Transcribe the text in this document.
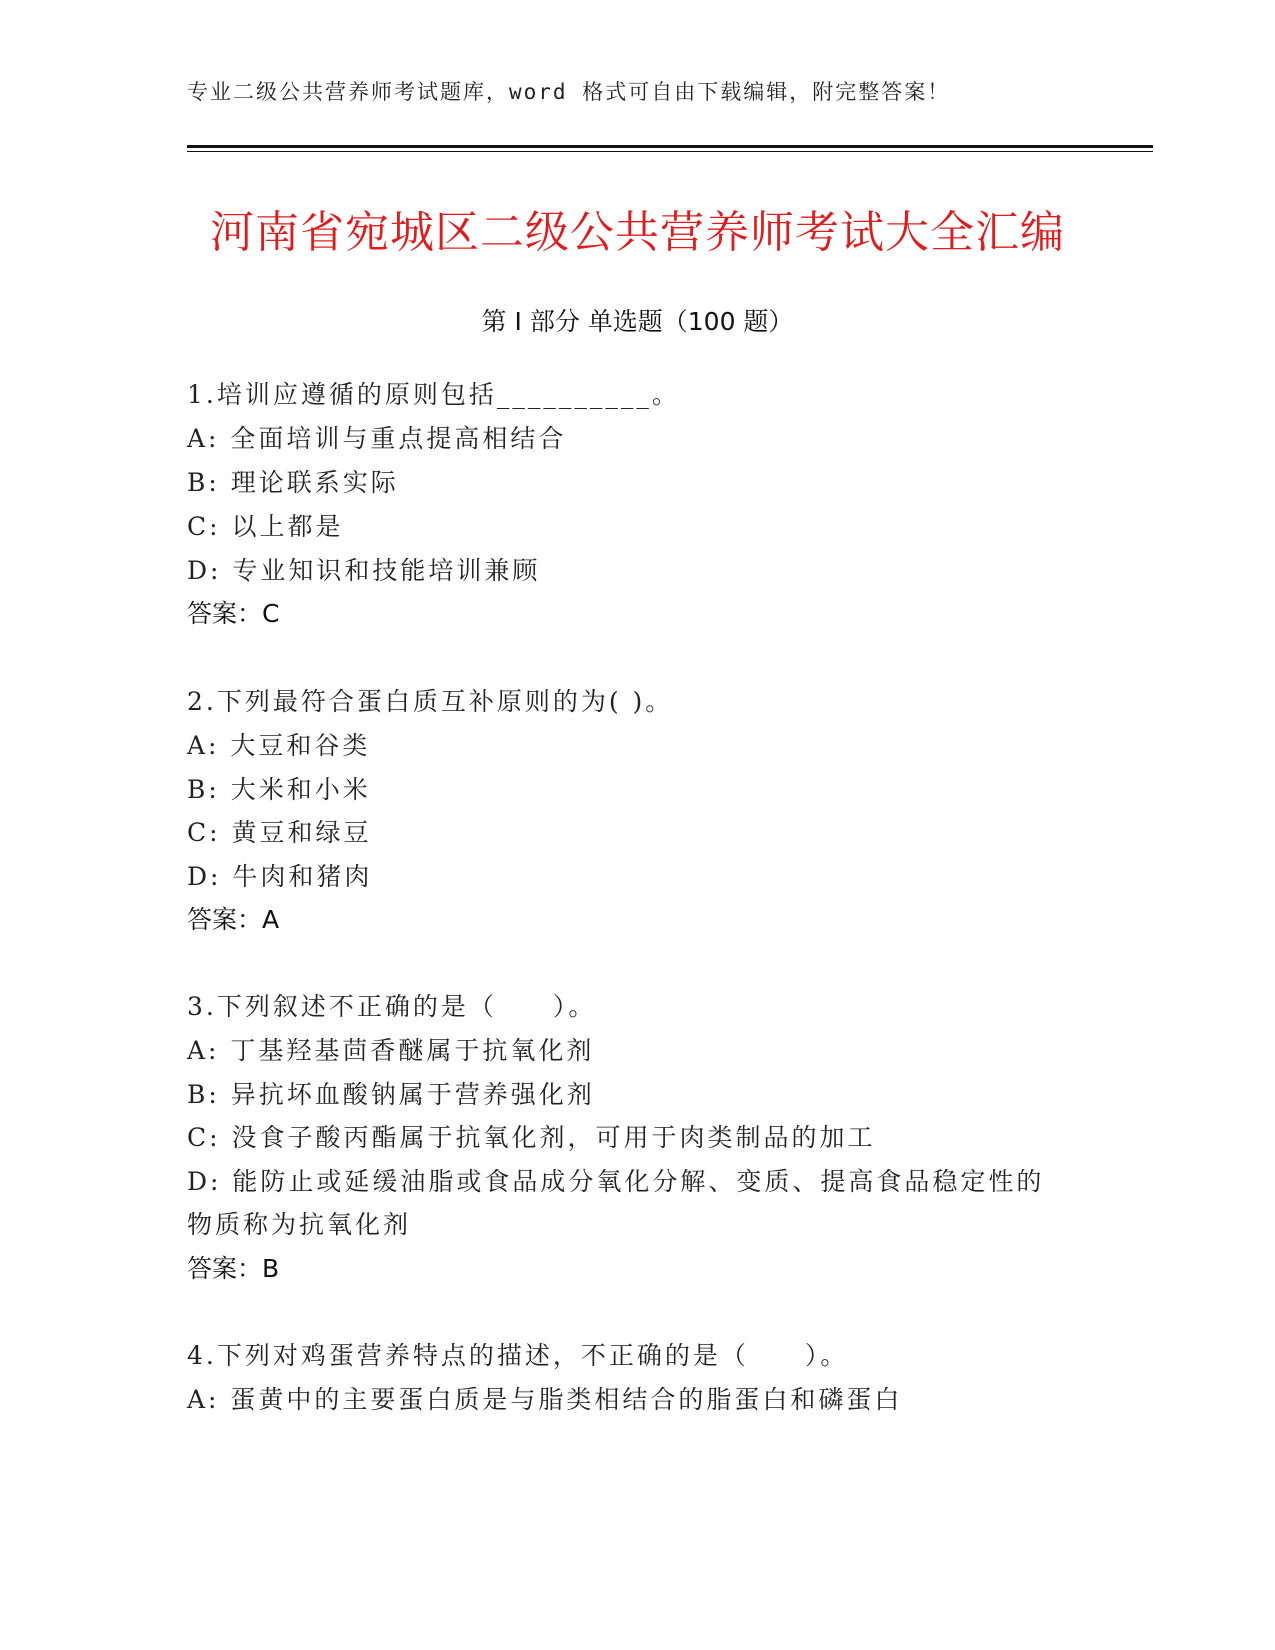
专业二级公共营养师考试题库，word 格式可自由下载编辑，附完整答案！
河南省宛城区二级公共营养师考试大全汇编
第 I 部分 单选题（100 题）
1.培训应遵循的原则包括__________。
A: 全面培训与重点提高相结合
B: 理论联系实际
C: 以上都是
D: 专业知识和技能培训兼顾
答案：C
2.下列最符合蛋白质互补原则的为( )。
A: 大豆和谷类
B: 大米和小米
C: 黄豆和绿豆
D: 牛肉和猪肉
答案：A
3.下列叙述不正确的是（　　）。
A: 丁基羟基茴香醚属于抗氧化剂
B: 异抗坏血酸钠属于营养强化剂
C: 没食子酸丙酯属于抗氧化剂，可用于肉类制品的加工
D: 能防止或延缓油脂或食品成分氧化分解、变质、提高食品稳定性的
物质称为抗氧化剂
答案：B
4.下列对鸡蛋营养特点的描述，不正确的是（　　）。
A: 蛋黄中的主要蛋白质是与脂类相结合的脂蛋白和磷蛋白
